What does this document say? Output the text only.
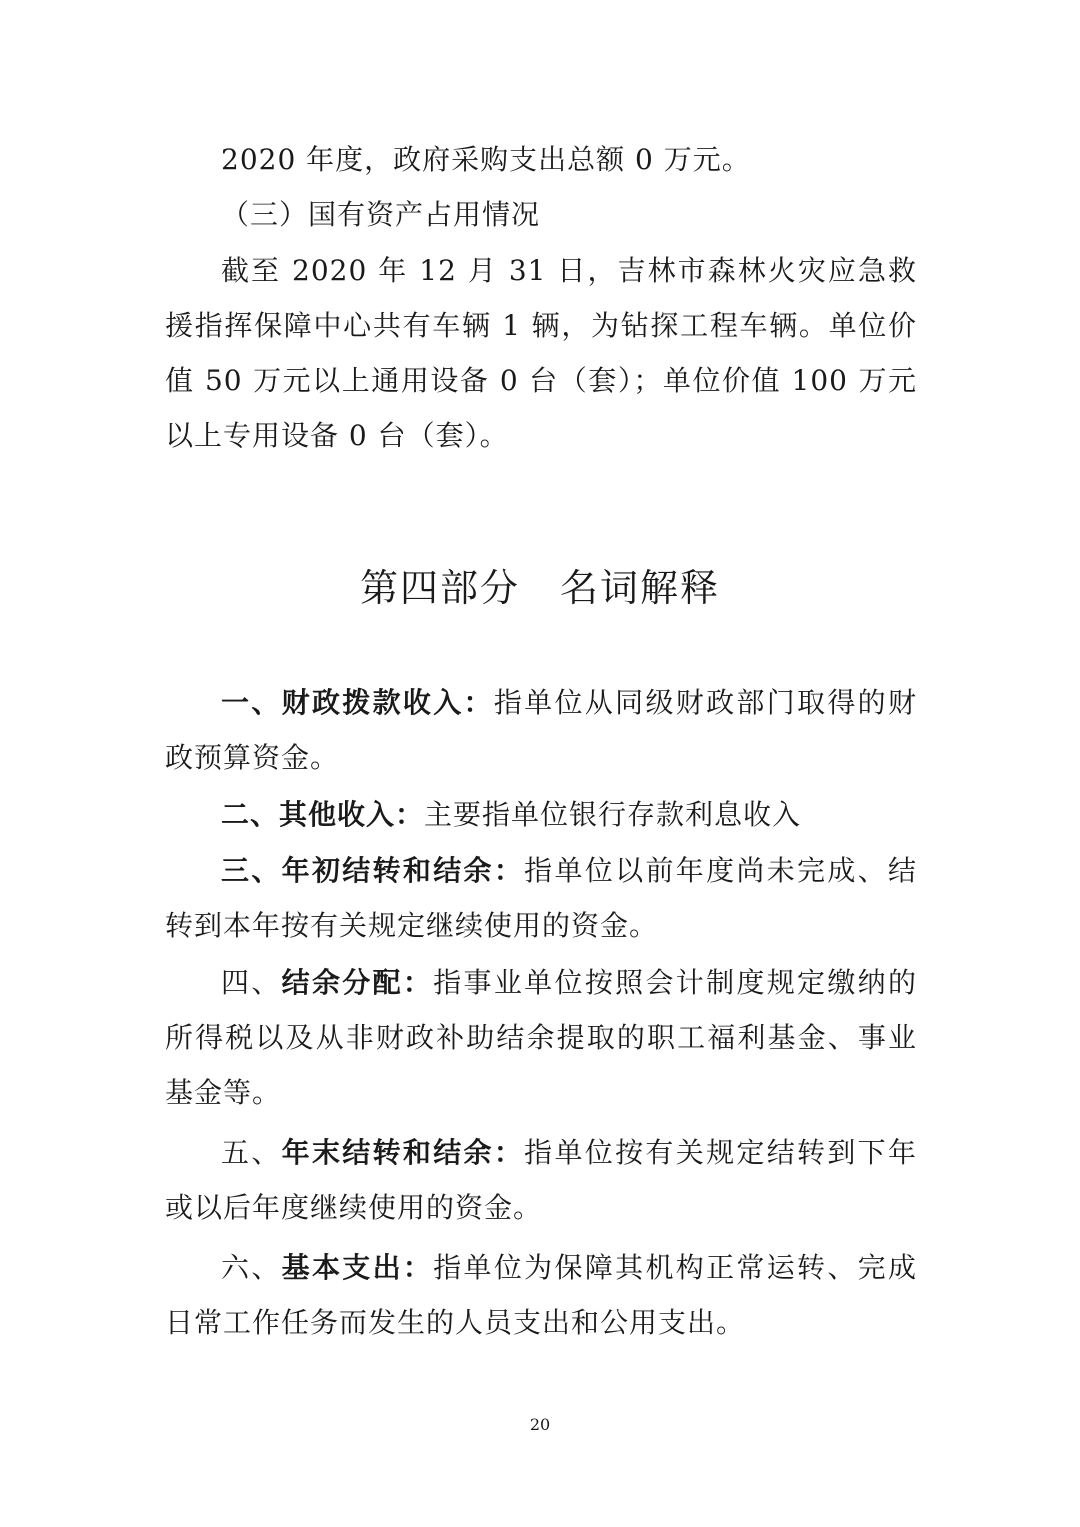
2020 年度，政府采购支出总额 0 万元。

（三）国有资产占用情况

截至 2020 年 12 月 31 日，吉林市森林火灾应急救援指挥保障中心共有车辆 1 辆，为钻探工程车辆。单位价值 50 万元以上通用设备 0 台（套）；单位价值 100 万元以上专用设备 0 台（套）。

第四部分 名词解释

一、财政拨款收入：指单位从同级财政部门取得的财政预算资金。

二、其他收入：主要指单位银行存款利息收入

三、年初结转和结余：指单位以前年度尚未完成、结转到本年按有关规定继续使用的资金。

四、结余分配：指事业单位按照会计制度规定缴纳的所得税以及从非财政补助结余提取的职工福利基金、事业基金等。

五、年末结转和结余：指单位按有关规定结转到下年或以后年度继续使用的资金。

六、基本支出：指单位为保障其机构正常运转、完成日常工作任务而发生的人员支出和公用支出。

20
